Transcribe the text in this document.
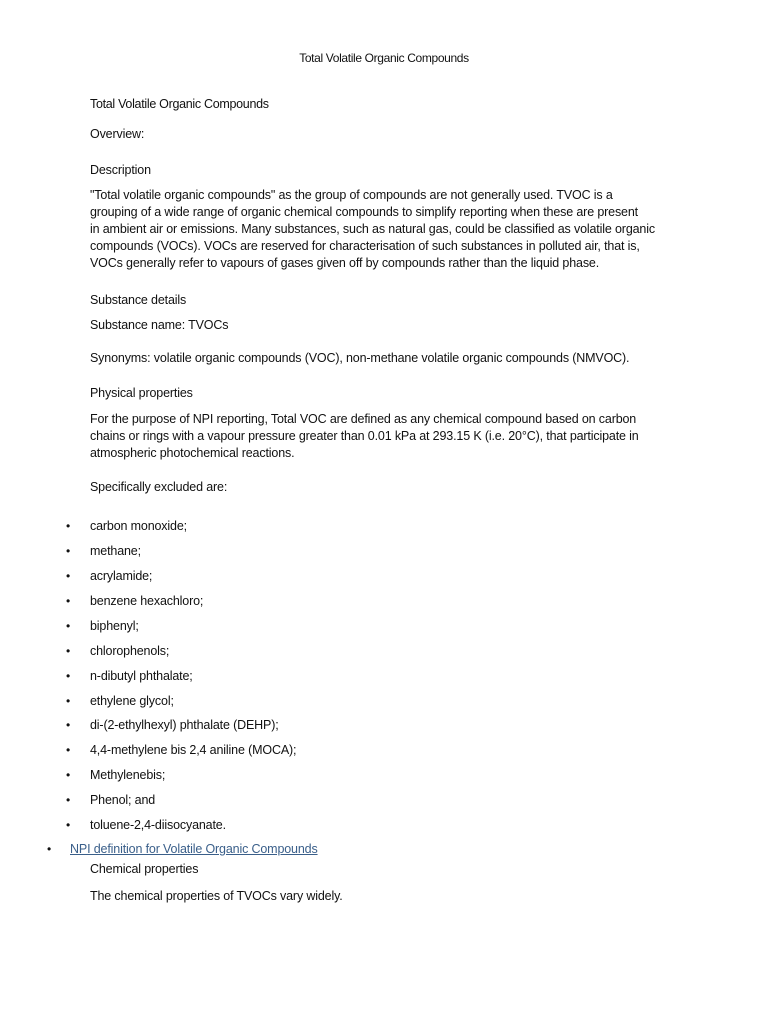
Total Volatile Organic Compounds

Total Volatile Organic Compounds

Overview:

Description

"Total volatile organic compounds" as the group of compounds are not generally used. TVOC is a
grouping of a wide range of organic chemical compounds to simplify reporting when these are present
in ambient air or emissions. Many substances, such as natural gas, could be classified as volatile organic
compounds (VOCs). VOCs are reserved for characterisation of such substances in polluted air, that is,
VOCs generally refer to vapours of gases given off by compounds rather than the liquid phase.

Substance details

Substance name: TVOCs

Synonyms: volatile organic compounds (VOC), non-methane volatile organic compounds (NMVOC).

Physical properties

For the purpose of NPI reporting, Total VOC are defined as any chemical compound based on carbon
chains or rings with a vapour pressure greater than 0.01 kPa at 293.15 K (i.e. 20°C), that participate in
atmospheric photochemical reactions.

Specifically excluded are:

•	carbon monoxide;
•	methane;
•	acrylamide;
•	benzene hexachloro;
•	biphenyl;
•	chlorophenols;
•	n-dibutyl phthalate;
•	ethylene glycol;
•	di-(2-ethylhexyl) phthalate (DEHP);
•	4,4-methylene bis 2,4 aniline (MOCA);
•	Methylenebis;
•	Phenol; and
•	toluene-2,4-diisocyanate.
• NPI definition for Volatile Organic Compounds

Chemical properties

The chemical properties of TVOCs vary widely.
